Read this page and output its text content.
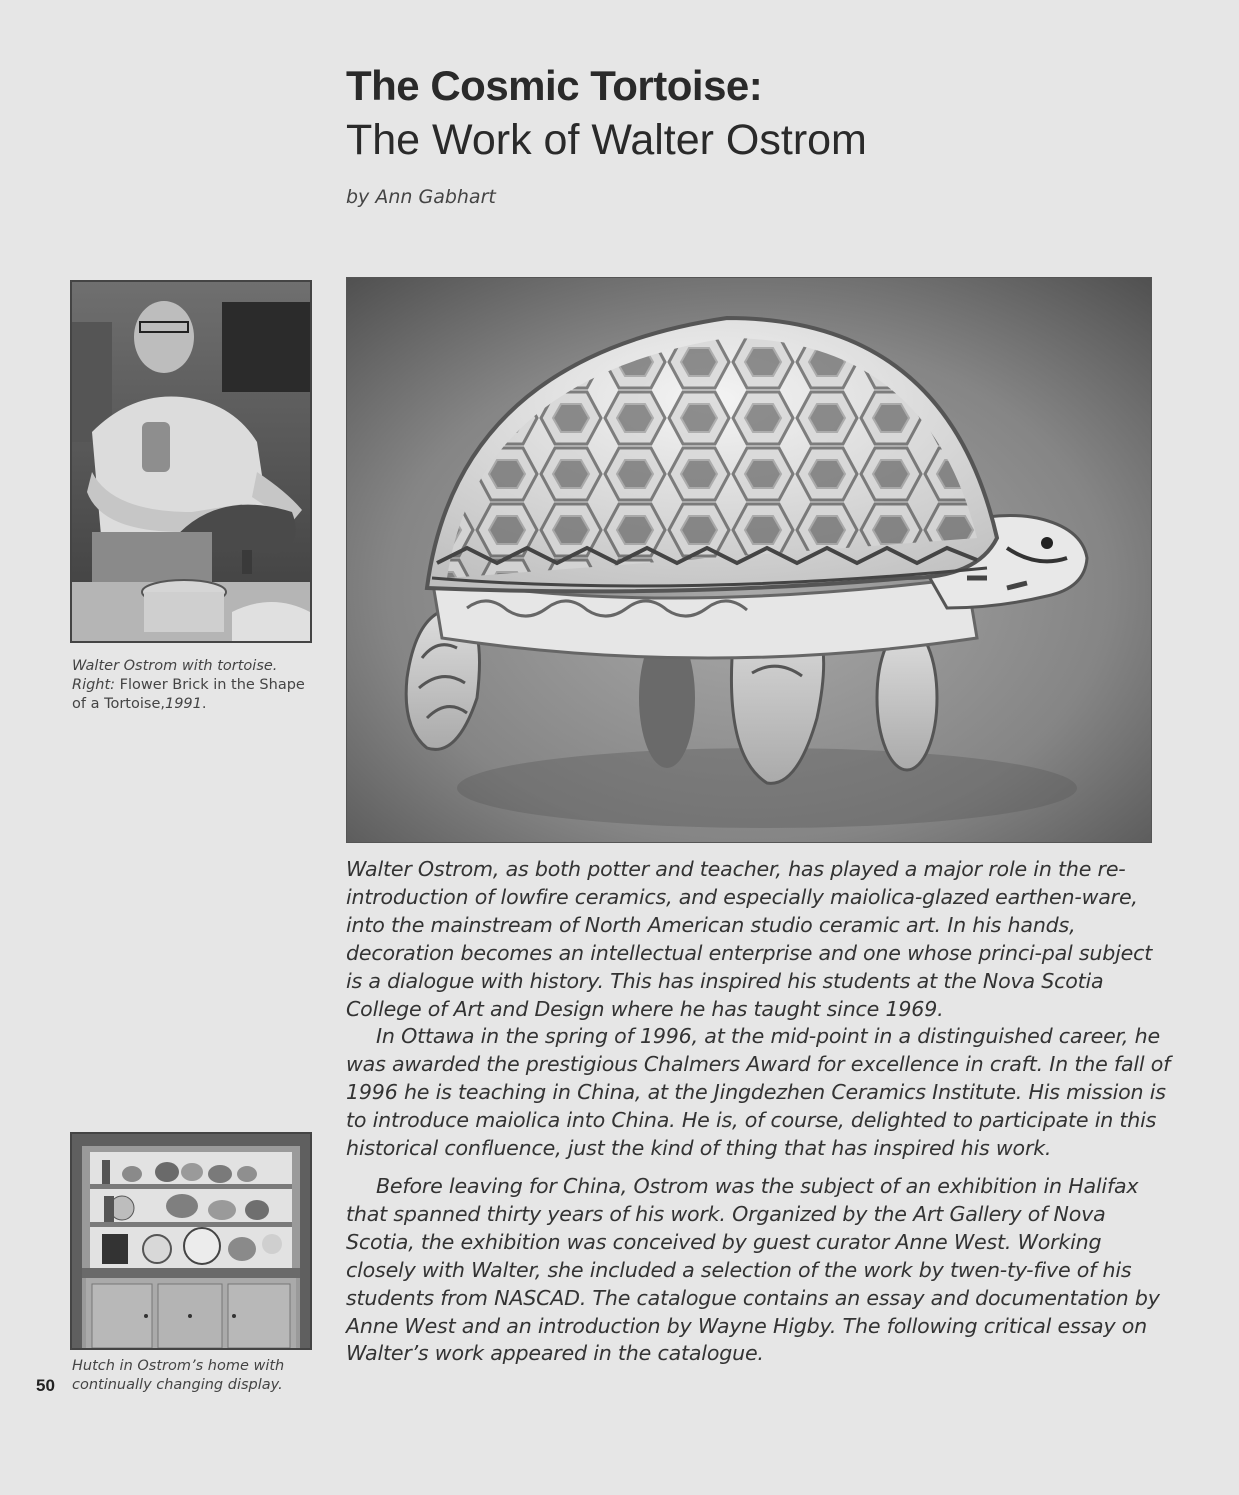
The Cosmic Tortoise:
The Work of Walter Ostrom
by Ann Gabhart
Walter Ostrom with tortoise.
Right: Flower Brick in the Shape of a Tortoise,1991.
Hutch in Ostrom’s home with continually changing display.
50

Walter Ostrom, as both potter and teacher, has played a major role in the re-introduction of lowfire ceramics, and especially maiolica-glazed earthen-ware, into the mainstream of North American studio ceramic art. In his hands, decoration becomes an intellectual enterprise and one whose princi-pal subject is a dialogue with history. This has inspired his students at the Nova Scotia College of Art and Design where he has taught since 1969.

In Ottawa in the spring of 1996, at the mid-point in a distinguished career, he was awarded the prestigious Chalmers Award for excellence in craft. In the fall of 1996 he is teaching in China, at the Jingdezhen Ceramics Institute. His mission is to introduce maiolica into China. He is, of course, delighted to participate in this historical confluence, just the kind of thing that has inspired his work.

Before leaving for China, Ostrom was the subject of an exhibition in Halifax that spanned thirty years of his work. Organized by the Art Gallery of Nova Scotia, the exhibition was conceived by guest curator Anne West. Working closely with Walter, she included a selection of the work by twen-ty-five of his students from NASCAD. The catalogue contains an essay and documentation by Anne West and an introduction by Wayne Higby. The following critical essay on Walter’s work appeared in the catalogue.
